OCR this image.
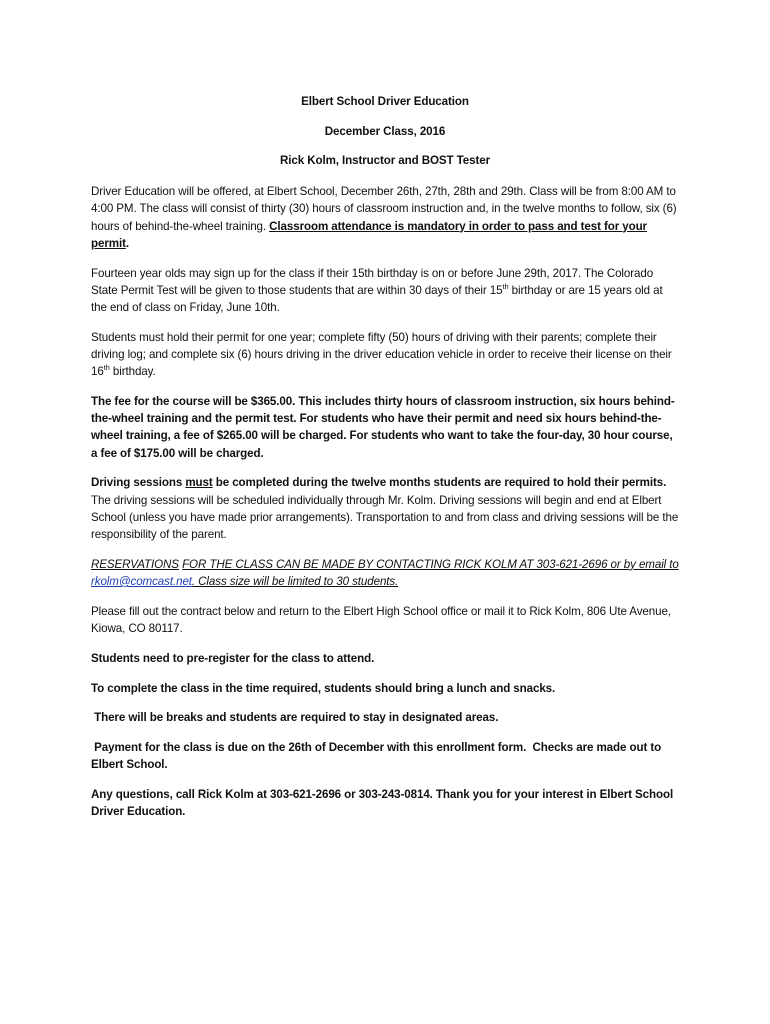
Elbert School Driver Education

December Class, 2016

Rick Kolm, Instructor and BOST Tester

Driver Education will be offered, at Elbert School, December 26th, 27th, 28th and 29th. Class will be from 8:00 AM to 4:00 PM. The class will consist of thirty (30) hours of classroom instruction and, in the twelve months to follow, six (6) hours of behind-the-wheel training. Classroom attendance is mandatory in order to pass and test for your permit.

Fourteen year olds may sign up for the class if their 15th birthday is on or before June 29th, 2017. The Colorado State Permit Test will be given to those students that are within 30 days of their 15th birthday or are 15 years old at the end of class on Friday, June 10th.

Students must hold their permit for one year; complete fifty (50) hours of driving with their parents; complete their driving log; and complete six (6) hours driving in the driver education vehicle in order to receive their license on their 16th birthday.

The fee for the course will be $365.00. This includes thirty hours of classroom instruction, six hours behind-the-wheel training and the permit test. For students who have their permit and need six hours behind-the-wheel training, a fee of $265.00 will be charged. For students who want to take the four-day, 30 hour course, a fee of $175.00 will be charged.

Driving sessions must be completed during the twelve months students are required to hold their permits. The driving sessions will be scheduled individually through Mr. Kolm. Driving sessions will begin and end at Elbert School (unless you have made prior arrangements). Transportation to and from class and driving sessions will be the responsibility of the parent.

RESERVATIONS FOR THE CLASS CAN BE MADE BY CONTACTING RICK KOLM AT 303-621-2696 or by email to rkolm@comcast.net. Class size will be limited to 30 students.

Please fill out the contract below and return to the Elbert High School office or mail it to Rick Kolm, 806 Ute Avenue, Kiowa, CO 80117.

Students need to pre-register for the class to attend.

To complete the class in the time required, students should bring a lunch and snacks.

There will be breaks and students are required to stay in designated areas.

Payment for the class is due on the 26th of December with this enrollment form.  Checks are made out to Elbert School.

Any questions, call Rick Kolm at 303-621-2696 or 303-243-0814. Thank you for your interest in Elbert School Driver Education.
